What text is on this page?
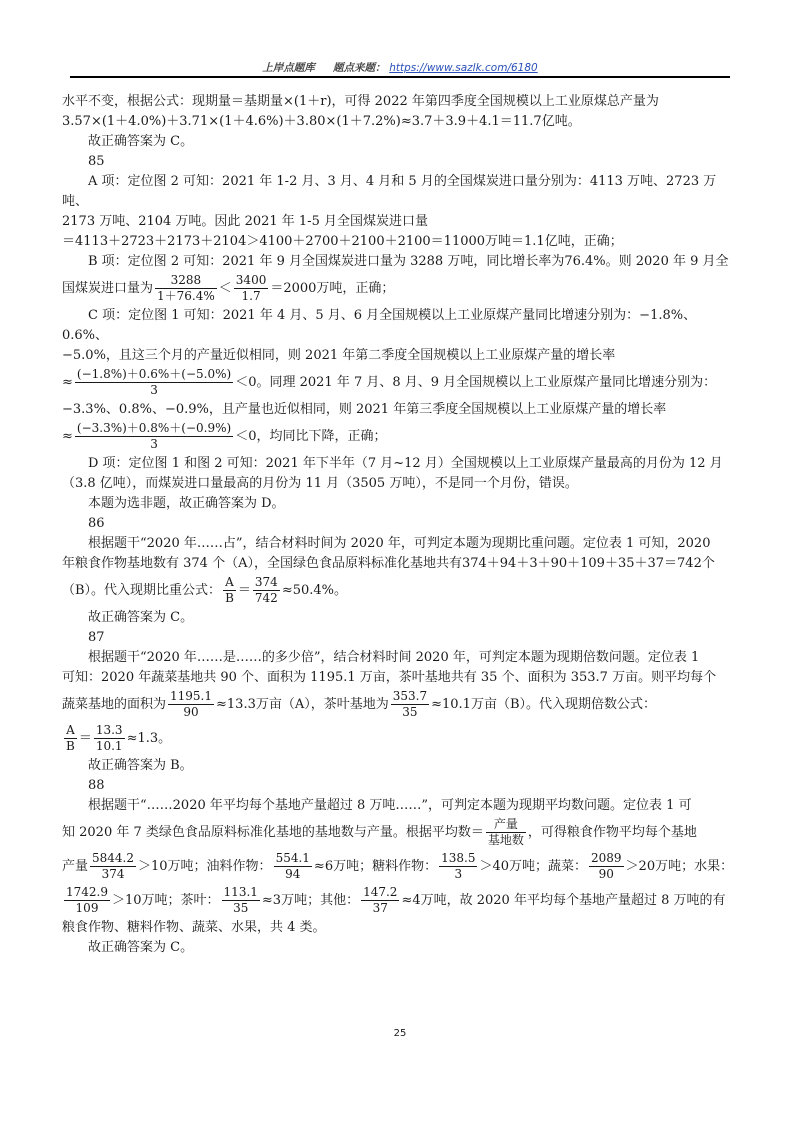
上岸点题库 题点来题： https://www.sazlk.com/6180

水平不变，根据公式：现期量＝基期量×(1＋r)，可得 2022 年第四季度全国规模以上工业原煤总产量为

3.57×(1＋4.0%)＋3.71×(1＋4.6%)＋3.80×(1＋7.2%)≈3.7＋3.9＋4.1＝11.7亿吨。

故正确答案为 C。

85

A 项：定位图 2 可知：2021 年 1-2 月、3 月、4 月和 5 月的全国煤炭进口量分别为：4113 万吨、2723 万吨、

2173 万吨、2104 万吨。因此 2021 年 1-5 月全国煤炭进口量

＝4113＋2723＋2173＋2104＞4100＋2700＋2100＋2100＝11000万吨＝1.1亿吨，正确；

B 项：定位图 2 可知：2021 年 9 月全国煤炭进口量为 3288 万吨，同比增长率为76.4%。则 2020 年 9 月全

国煤炭进口量为 $\frac{3288}{1+76.4\%} < \frac{3400}{1.7} =2000$万吨，正确；

C 项：定位图 1 可知：2021 年 4 月、5 月、6 月全国规模以上工业原煤产量同比增速分别为：−1.8%、0.6%、

−5.0%，且这三个月的产量近似相同，则 2021 年第二季度全国规模以上工业原煤产量的增长率

≈ $\frac{(-1.8\%)+0.6\%+(-5.0\%)}{3} <0$。同理 2021 年 7 月、8 月、9 月全国规模以上工业原煤产量同比增速分别为：

−3.3%、0.8%、−0.9%，且产量也近似相同，则 2021 年第三季度全国规模以上工业原煤产量的增长率

≈ $\frac{(-3.3\%)+0.8\%+(-0.9\%)}{3} <0$，均同比下降，正确；

D 项：定位图 1 和图 2 可知：2021 年下半年（7 月~12 月）全国规模以上工业原煤产量最高的月份为 12 月

（3.8 亿吨），而煤炭进口量最高的月份为 11 月（3505 万吨），不是同一个月份，错误。

本题为选非题，故正确答案为 D。

86

根据题干“2020 年……占”，结合材料时间为 2020 年，可判定本题为现期比重问题。定位表 1 可知，2020

年粮食作物基地数有 374 个（A），全国绿色食品原料标准化基地共有374＋94＋3＋90＋109＋35＋37＝742个

（B）。代入现期比重公式： $\frac{A}{B} = \frac{374}{742} \approx 50.4\%$。

故正确答案为 C。

87

根据题干“2020 年……是……的多少倍”，结合材料时间 2020 年，可判定本题为现期倍数问题。定位表 1

可知：2020 年蔬菜基地共 90 个、面积为 1195.1 万亩，茶叶基地共有 35 个、面积为 353.7 万亩。则平均每个

蔬菜基地的面积为 $\frac{1195.1}{90} \approx 13.3$万亩（A），茶叶基地为 $\frac{353.7}{35} \approx 10.1$万亩（B）。代入现期倍数公式：

$\frac{A}{B} = \frac{13.3}{10.1} \approx 1.3$。

故正确答案为 B。

88

根据题干“……2020 年平均每个基地产量超过 8 万吨……”，可判定本题为现期平均数问题。定位表 1 可

知 2020 年 7 类绿色食品原料标准化基地的基地数与产量。根据平均数＝ $\frac{\text{产量}}{\text{基地数}}$ ，可得粮食作物平均每个基地

产量 $\frac{5844.2}{374} >10$万吨；油料作物： $\frac{554.1}{94} \approx 6$万吨；糖料作物： $\frac{138.5}{3} >40$万吨；蔬菜： $\frac{2089}{90} >20$万吨；水果：

$\frac{1742.9}{109} >10$万吨；茶叶： $\frac{113.1}{35} \approx 3$万吨；其他： $\frac{147.2}{37} \approx 4$万吨，故 2020 年平均每个基地产量超过 8 万吨的有

粮食作物、糖料作物、蔬菜、水果，共 4 类。

故正确答案为 C。

25
